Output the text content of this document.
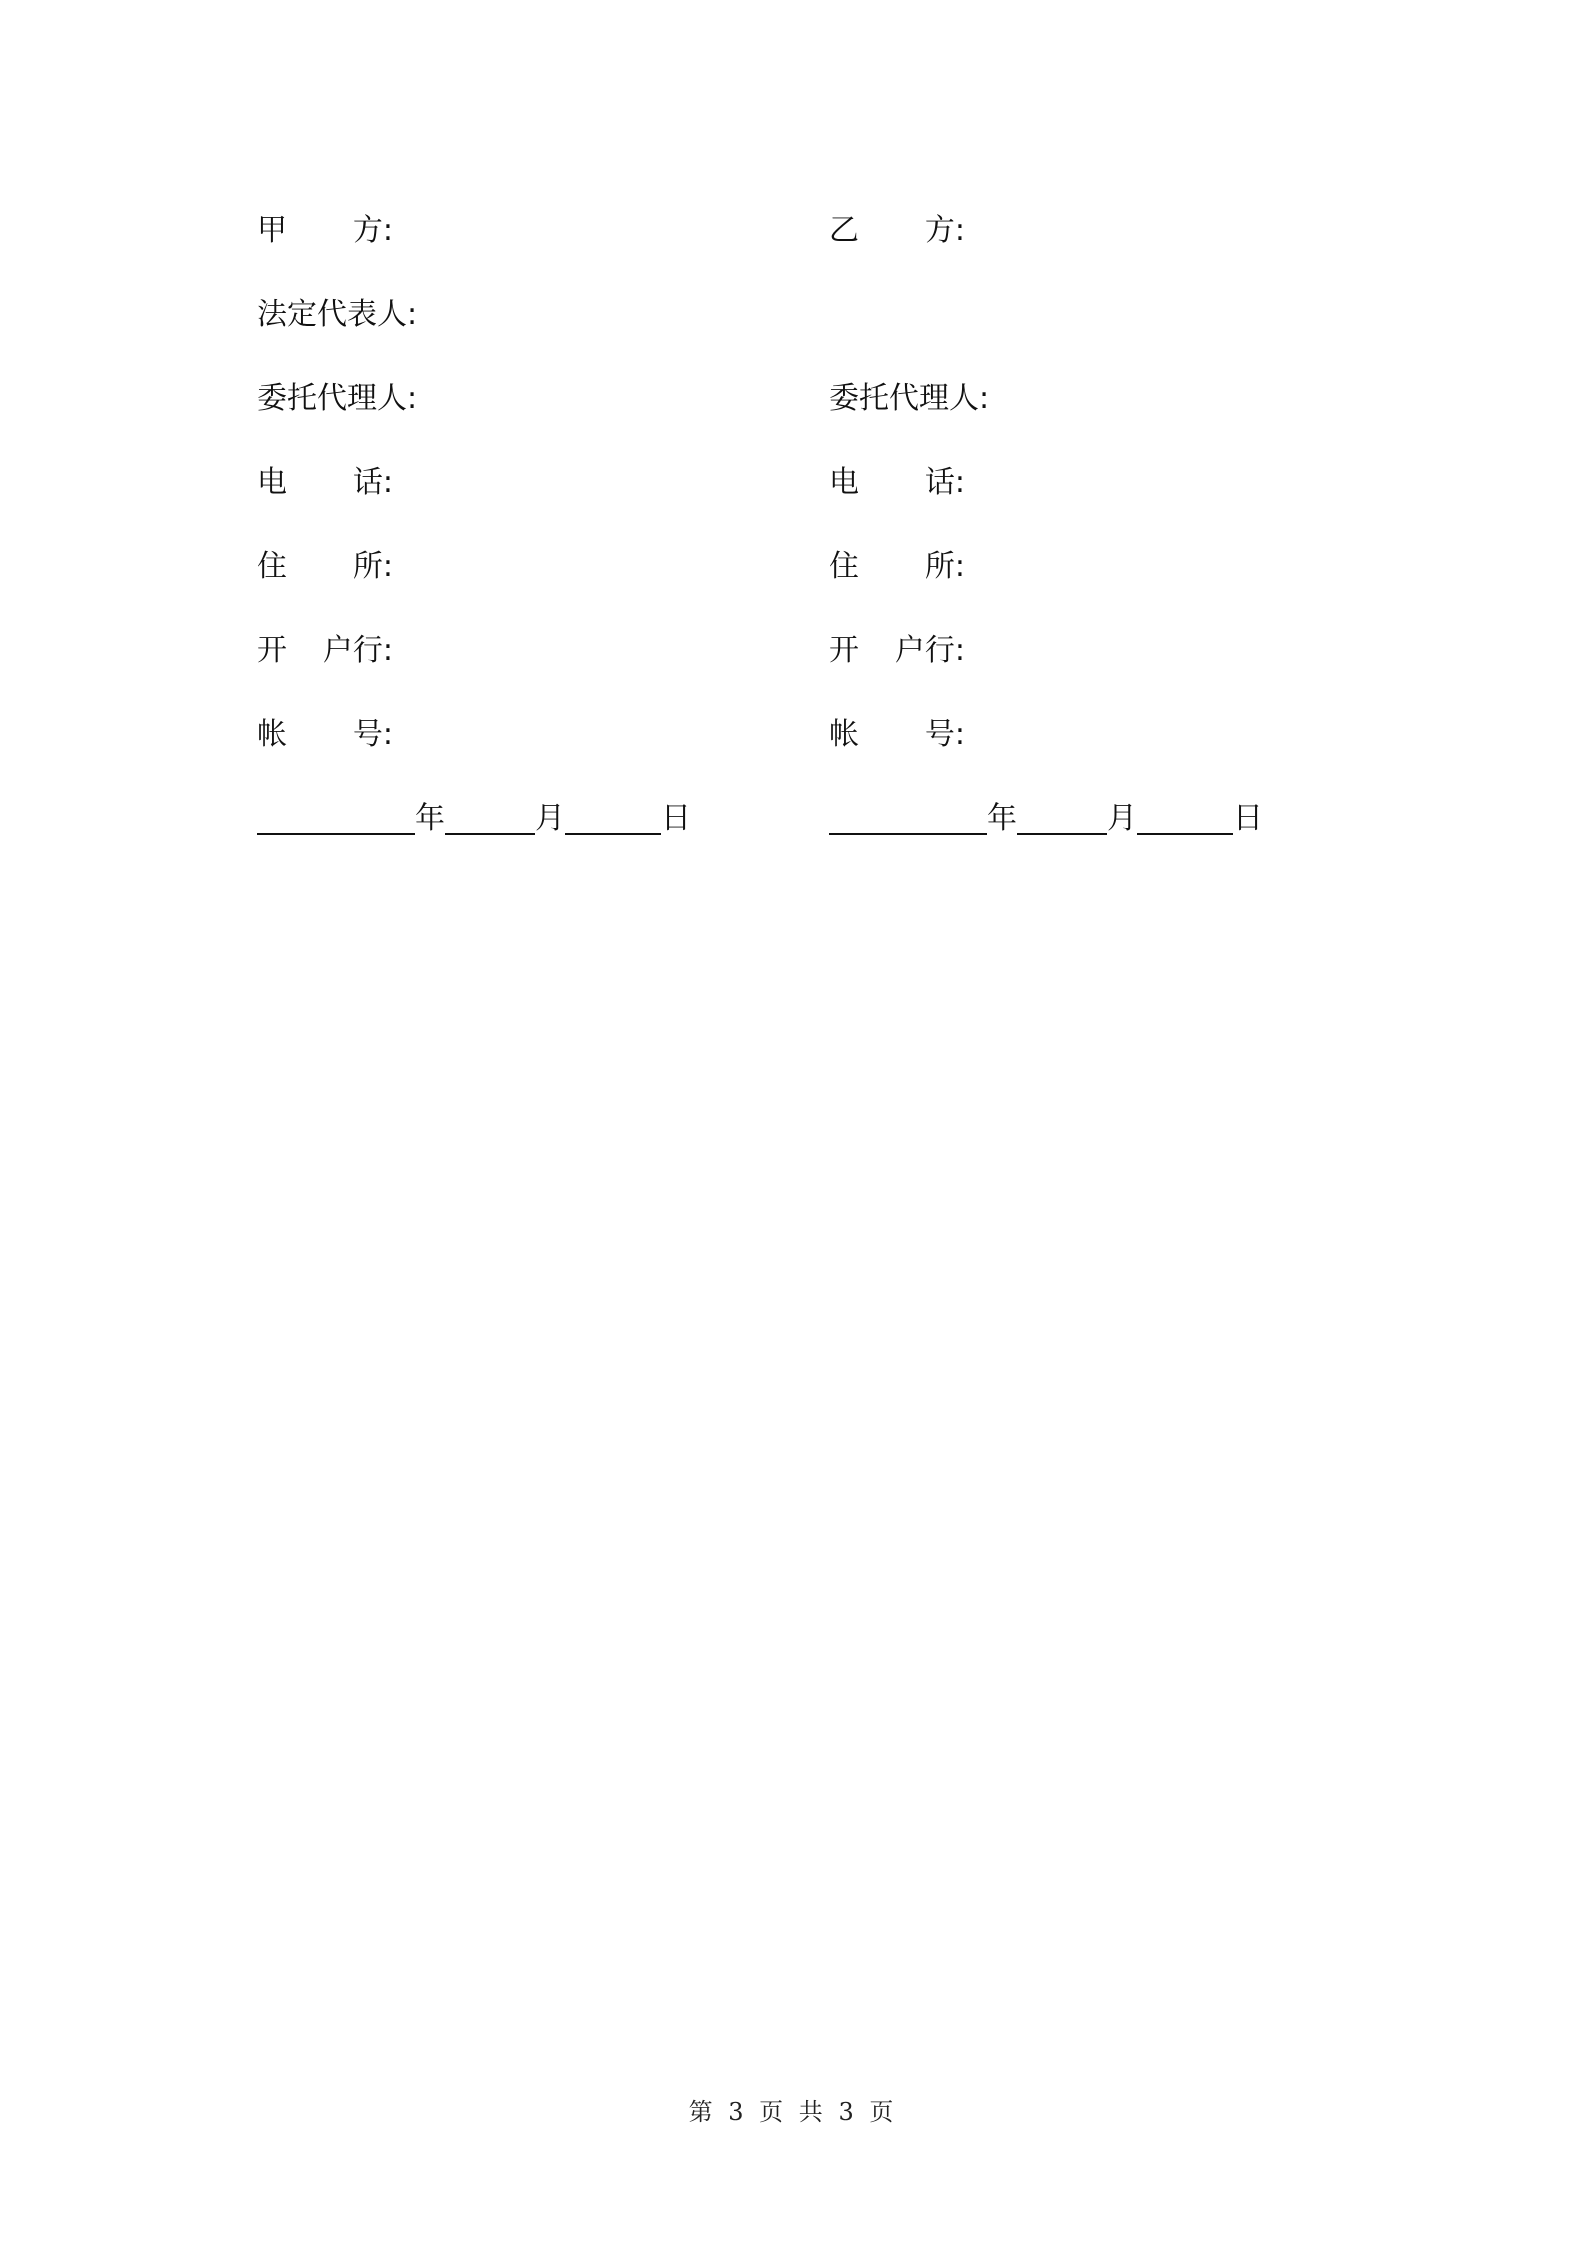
甲 方:
法定代表人:
委托代理人:
电 话:
住 所:
开 户行:
帐 号:
年	月	日
乙 方:
委托代理人:
电 话:
住 所:
开 户行:
帐 号:
年	月	日
第 3 页 共 3 页
